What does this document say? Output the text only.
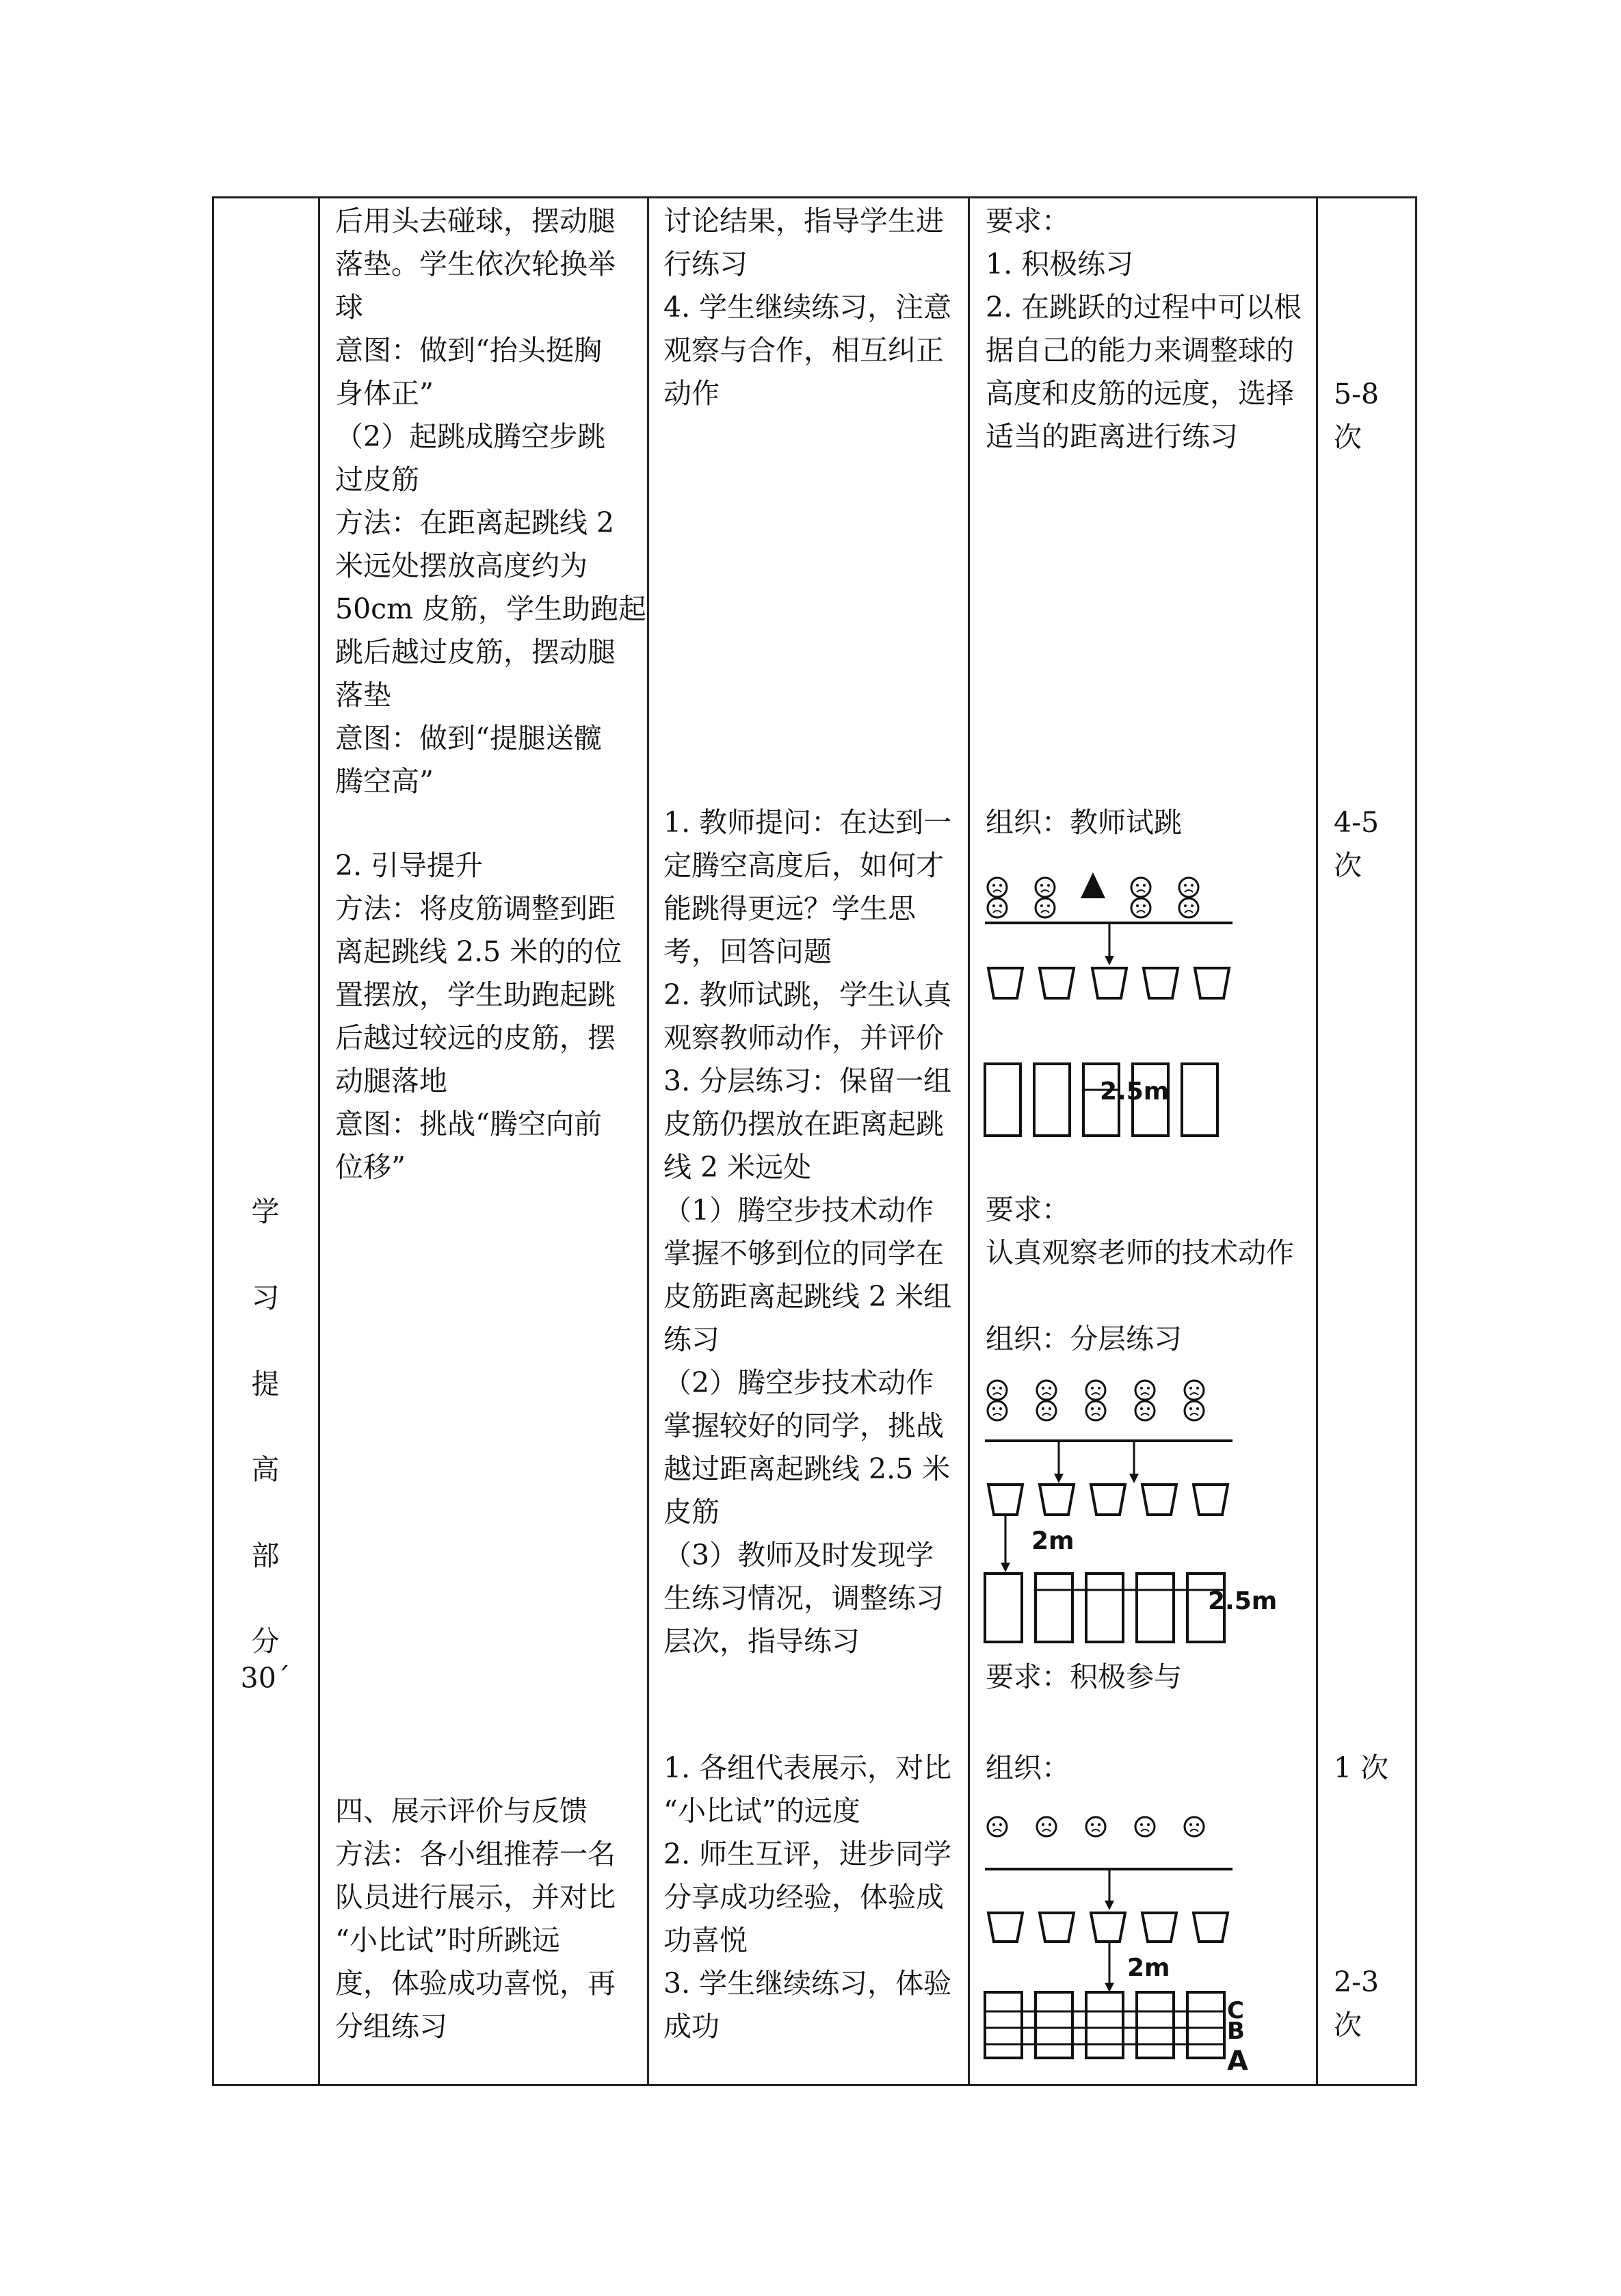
学
习
提
高
部
分
30´
后用头去碰球，摆动腿
落垫。学生依次轮换举
球
意图：做到“抬头挺胸
身体正”
（2）起跳成腾空步跳
过皮筋
方法：在距离起跳线 2
米远处摆放高度约为
50cm 皮筋，学生助跑起
跳后越过皮筋，摆动腿
落垫
意图：做到“提腿送髋
腾空高”
2. 引导提升
方法：将皮筋调整到距
离起跳线 2.5 米的的位
置摆放，学生助跑起跳
后越过较远的皮筋，摆
动腿落地
意图：挑战“腾空向前
位移”
四、展示评价与反馈
方法：各小组推荐一名
队员进行展示，并对比
“小比试”时所跳远
度，体验成功喜悦，再
分组练习
讨论结果，指导学生进
行练习
4. 学生继续练习，注意
观察与合作，相互纠正
动作
1. 教师提问：在达到一
定腾空高度后，如何才
能跳得更远？学生思
考，回答问题
2. 教师试跳，学生认真
观察教师动作，并评价
3. 分层练习：保留一组
皮筋仍摆放在距离起跳
线 2 米远处
（1）腾空步技术动作
掌握不够到位的同学在
皮筋距离起跳线 2 米组
练习
（2）腾空步技术动作
掌握较好的同学，挑战
越过距离起跳线 2.5 米
皮筋
（3）教师及时发现学
生练习情况，调整练习
层次，指导练习
1. 各组代表展示，对比
“小比试”的远度
2. 师生互评，进步同学
分享成功经验，体验成
功喜悦
3. 学生继续练习，体验
成功
要求：
1. 积极练习
2. 在跳跃的过程中可以根
据自己的能力来调整球的
高度和皮筋的远度，选择
适当的距离进行练习
组织：教师试跳
2.5m
要求：
认真观察老师的技术动作
组织：分层练习
2m
2.5m
要求：积极参与
组织：
2m
C
B
A
5-8
次
4-5
次
1 次
2-3
次
